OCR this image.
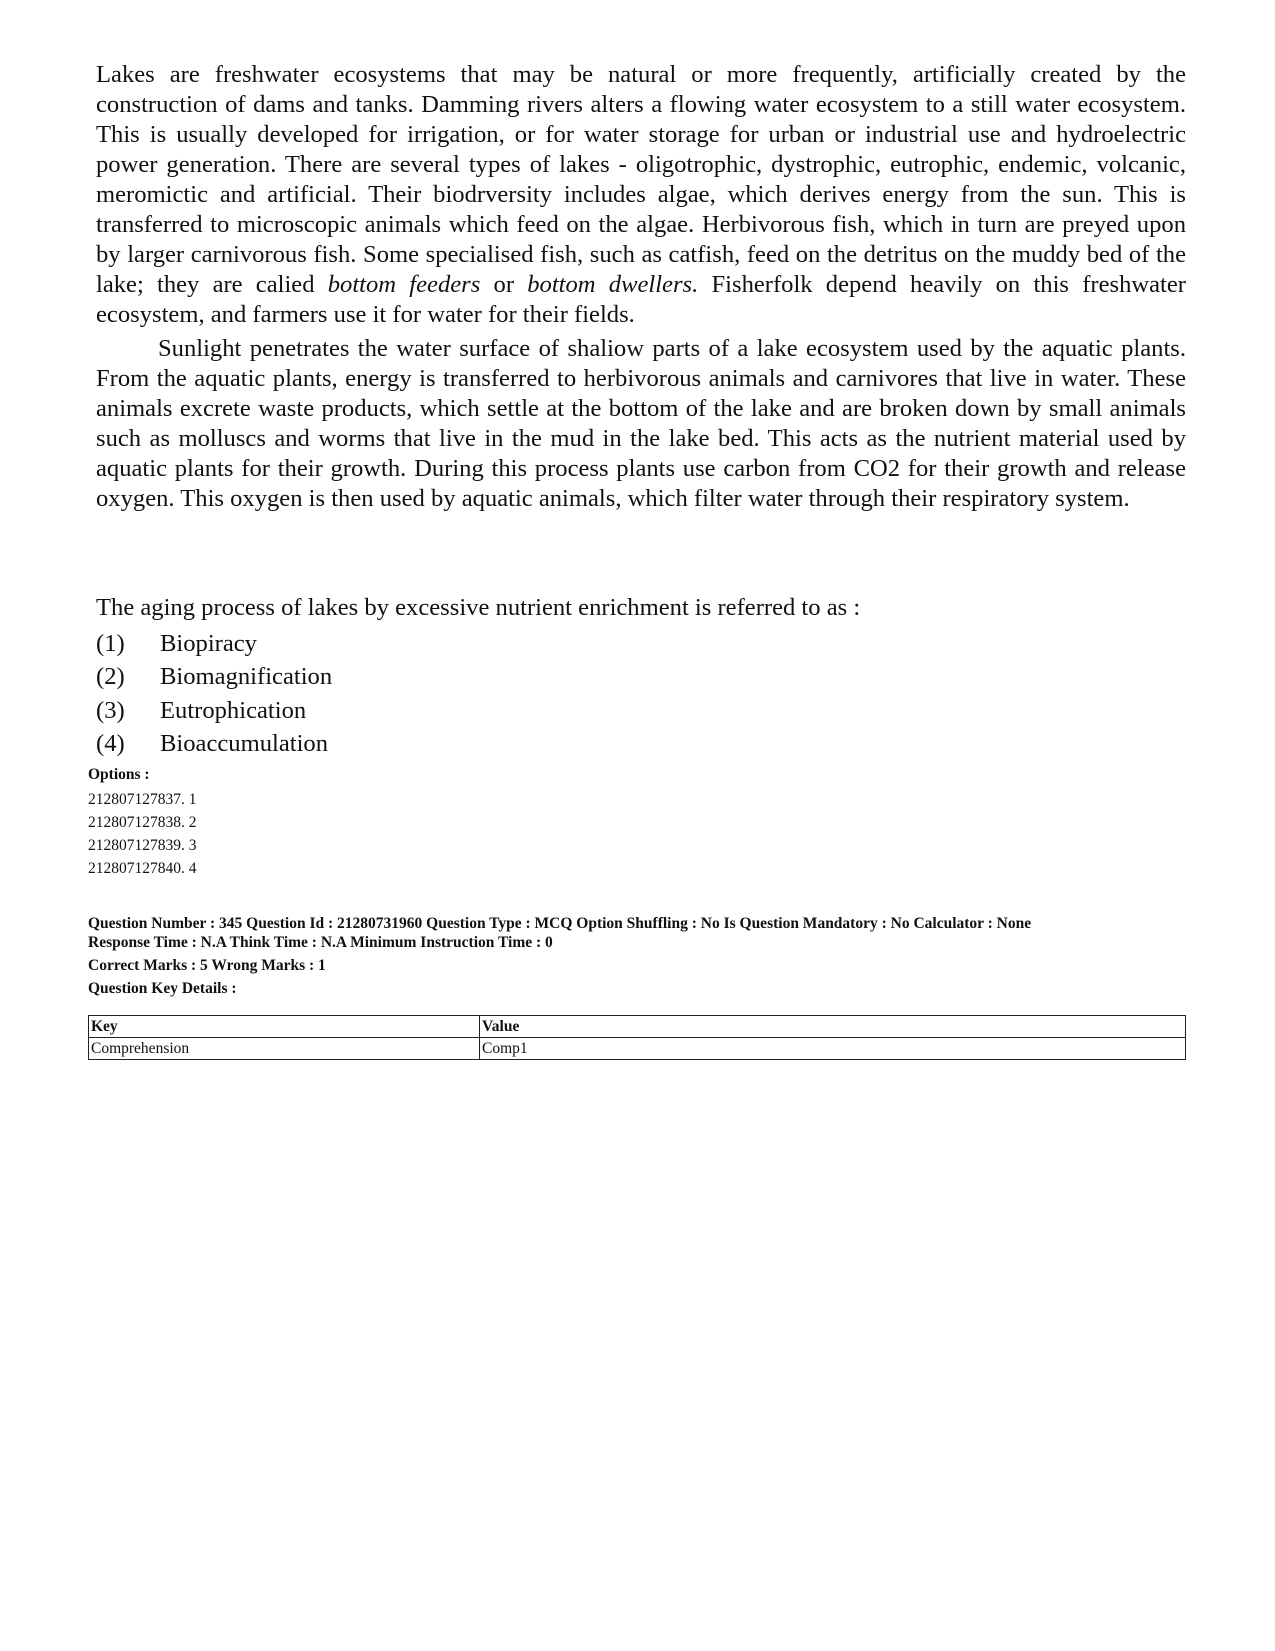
Lakes are freshwater ecosystems that may be natural or more frequently, artificially created by the construction of dams and tanks. Damming rivers alters a flowing water ecosystem to a still water ecosystem. This is usually developed for irrigation, or for water storage for urban or industrial use and hydroelectric power generation. There are several types of lakes - oligotrophic, dystrophic, eutrophic, endemic, volcanic, meromictic and artificial. Their biodrversity includes algae, which derives energy from the sun. This is transferred to microscopic animals which feed on the algae. Herbivorous fish, which in turn are preyed upon by larger carnivorous fish. Some specialised fish, such as catfish, feed on the detritus on the muddy bed of the lake; they are calied bottom feeders or bottom dwellers. Fisherfolk depend heavily on this freshwater ecosystem, and farmers use it for water for their fields.

Sunlight penetrates the water surface of shaliow parts of a lake ecosystem used by the aquatic plants. From the aquatic plants, energy is transferred to herbivorous animals and carnivores that live in water. These animals excrete waste products, which settle at the bottom of the lake and are broken down by small animals such as molluscs and worms that live in the mud in the lake bed. This acts as the nutrient material used by aquatic plants for their growth. During this process plants use carbon from CO2 for their growth and release oxygen. This oxygen is then used by aquatic animals, which filter water through their respiratory system.

The aging process of lakes by excessive nutrient enrichment is referred to as :
(1)	Biopiracy
(2)	Biomagnification
(3)	Eutrophication
(4)	Bioaccumulation
Options :
212807127837. 1
212807127838. 2
212807127839. 3
212807127840. 4
Question Number : 345 Question Id : 21280731960 Question Type : MCQ Option Shuffling : No Is Question Mandatory : No Calculator : None
Response Time : N.A Think Time : N.A Minimum Instruction Time : 0
Correct Marks : 5 Wrong Marks : 1
Question Key Details :
Key	Value
Comprehension	Comp1
